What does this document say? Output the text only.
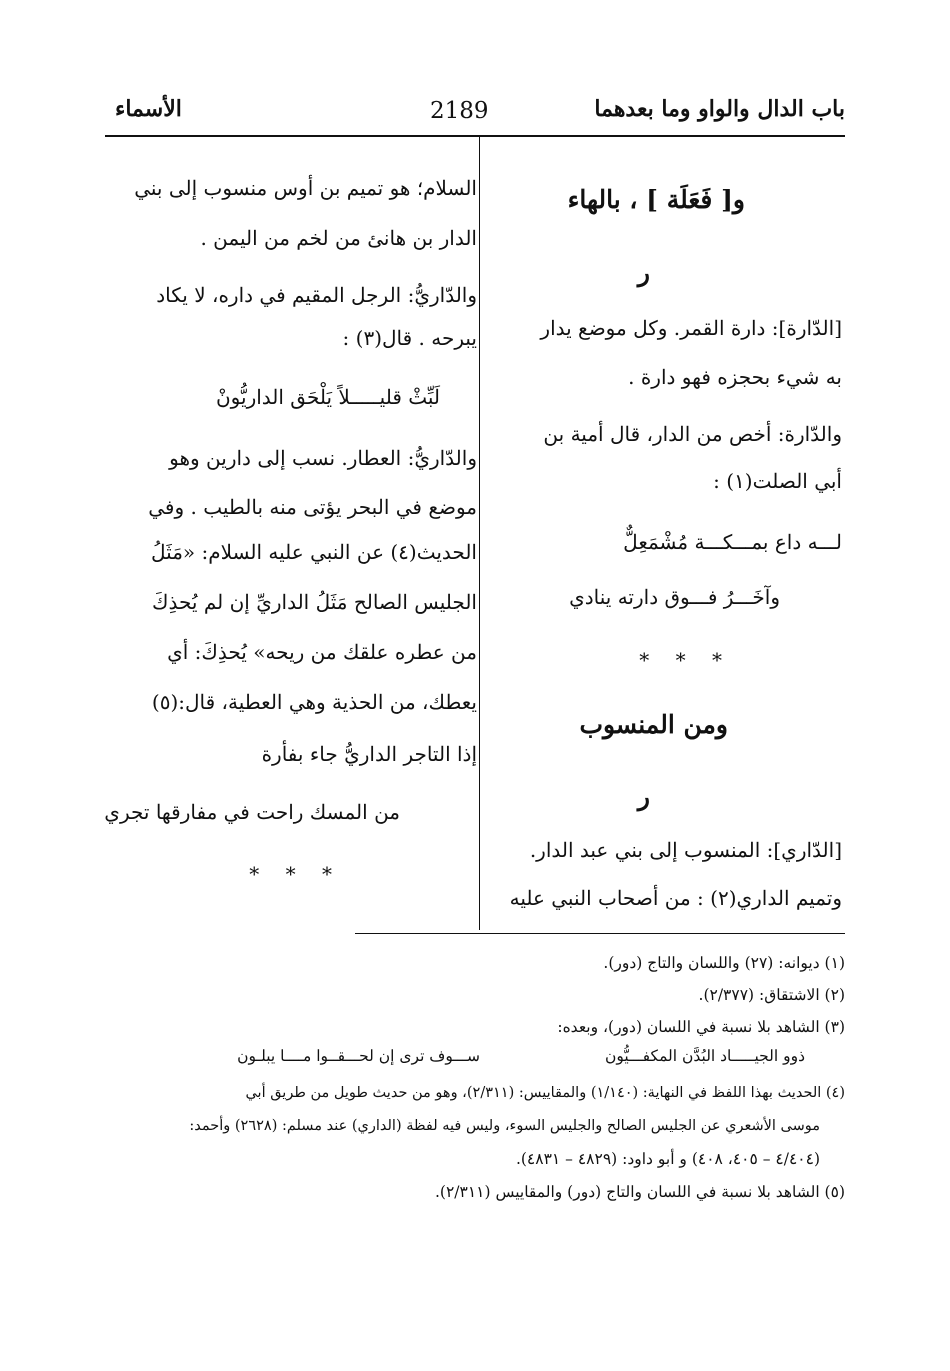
باب الدال والواو وما بعدهما
2189
الأسماء
و[ فَعَلَة ] ، بالهاء
ر
[الدّارة]: دارة القمر. وكل موضع يدار
به شيء بحجزه فهو دارة .
والدّارة: أخص من الدار، قال أمية بن
أبي الصلت(١) :
لـــه داع بمـــكـــة مُشْمَعِلٌّ
وآخَـــرُ فـــوق دارته ينادي
* * *
ومن المنسوب
ر
[الدّاري]: المنسوب إلى بني عبد الدار.
وتميم الداري(٢) : من أصحاب النبي عليه
السلام؛ هو تميم بن أوس منسوب إلى بني
الدار بن هانئ من لخم من اليمن .
والدّاريُّ: الرجل المقيم في داره، لا يكاد
يبرحه . قال(٣) :
لَبِّثْ قليـــــلاً يَلْحَق الداريُّونْ
والدّاريُّ: العطار. نسب إلى دارين وهو
موضع في البحر يؤتى منه بالطيب . وفي
الحديث(٤) عن النبي عليه السلام: «مَثَلُ
الجليس الصالح مَثَلُ الداريِّ إن لم يُحذِكَ
من عطره علقك من ريحه» يُحذِكَ: أي
يعطك، من الحذية وهي العطية، قال:(٥)
إذا التاجر الداريُّ جاء بفأرة
من المسك راحت في مفارقها تجري
* * *
(١) ديوانه: (٢٧) واللسان والتاج (دور).
(٢) الاشتقاق: (٢/٣٧٧).
(٣) الشاهد بلا نسبة في اللسان (دور)، وبعده:
ذوو الجيـــــاد البُدَّن المكفـــيُّون
ســـوف ترى إن لحـــقــوا مــــا يبلـون
(٤) الحديث بهذا اللفظ في النهاية: (١/١٤٠) والمقاييس: (٢/٣١١)، وهو من حديث طويل من طريق أبي
موسى الأشعري عن الجليس الصالح والجليس السوء، وليس فيه لفظة (الداري) عند مسلم: (٢٦٢٨) وأحمد:
(٤/٤٠٤ – ٤٠٥، ٤٠٨) و أبو داود: (٤٨٢٩ – ٤٨٣١).
(٥) الشاهد بلا نسبة في اللسان والتاج (دور) والمقاييس (٢/٣١١).
